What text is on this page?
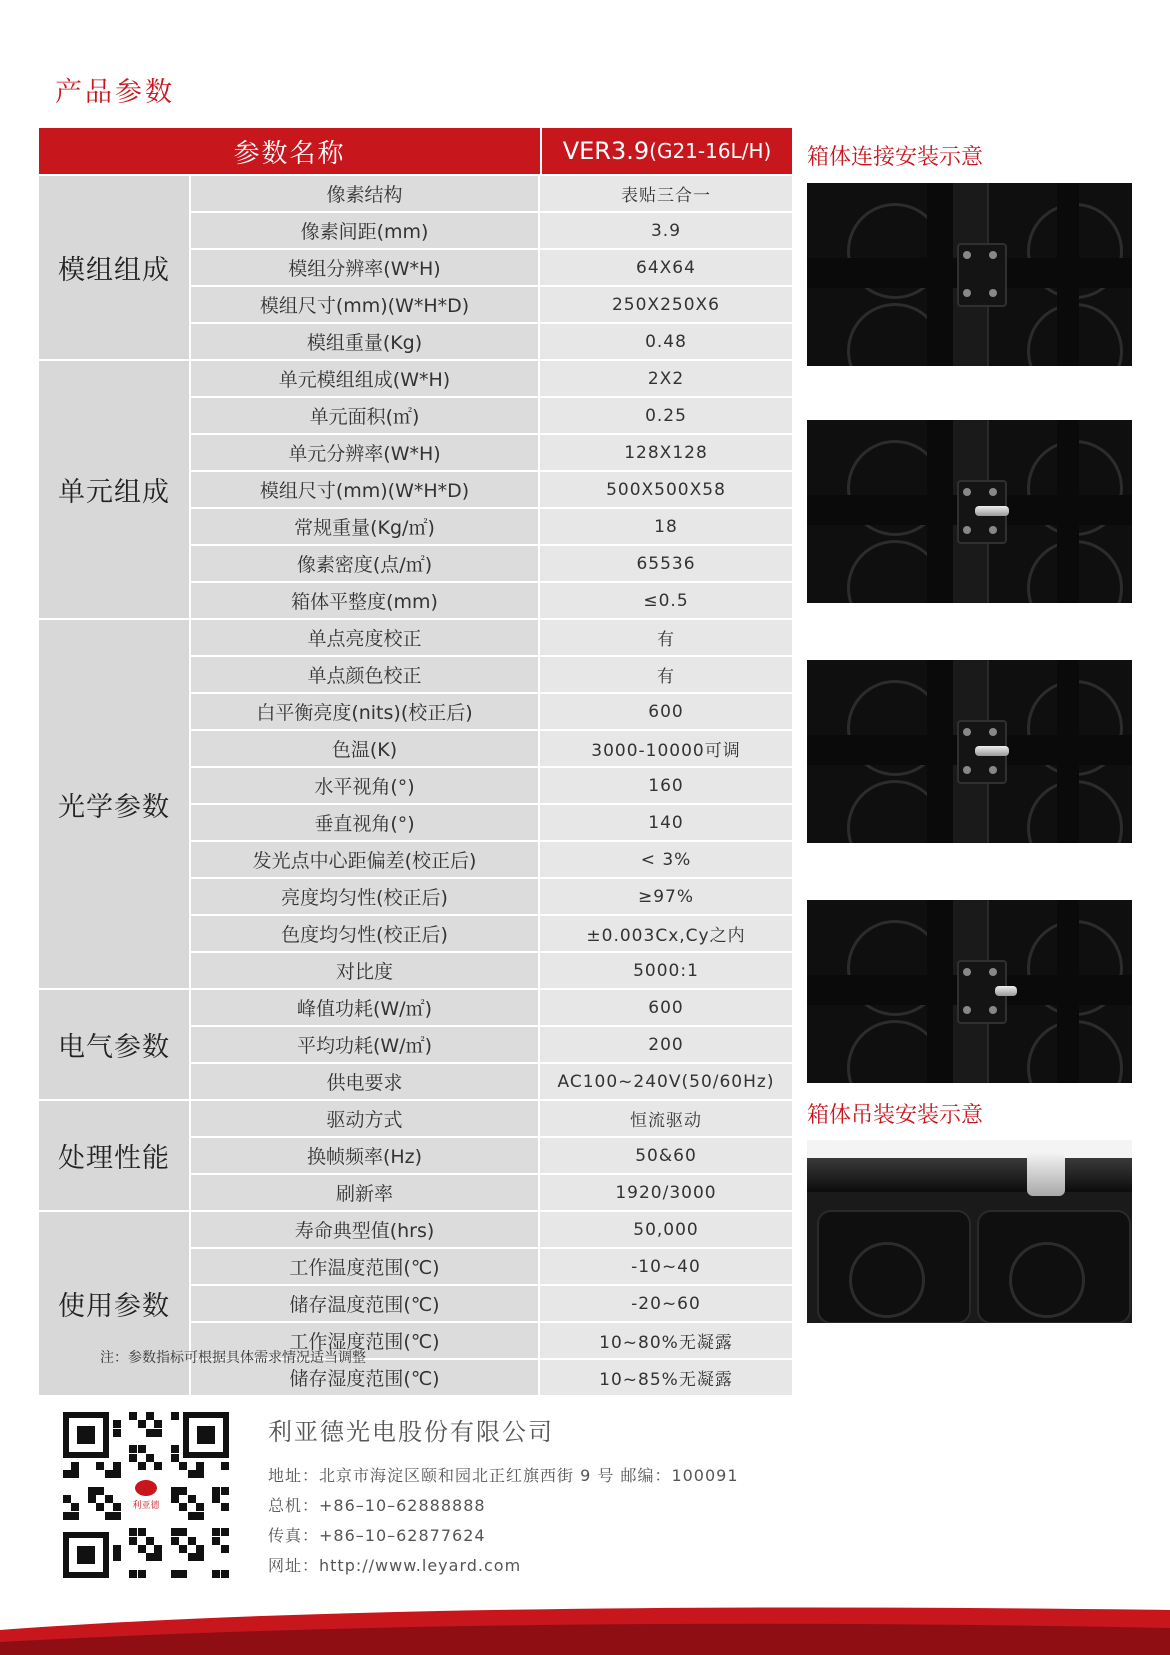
产品参数
参数名称	VER3.9 (G21-16L/H)
模组组成
像素结构	表贴三合一
像素间距(mm)	3.9
模组分辨率(W*H)	64X64
模组尺寸(mm)(W*H*D)	250X250X6
模组重量(Kg)	0.48
单元组成
单元模组组成(W*H)	2X2
单元面积(㎡)	0.25
单元分辨率(W*H)	128X128
模组尺寸(mm)(W*H*D)	500X500X58
常规重量(Kg/㎡)	18
像素密度(点/㎡)	65536
箱体平整度(mm)	≤0.5
光学参数
单点亮度校正	有
单点颜色校正	有
白平衡亮度(nits)(校正后)	600
色温(K)	3000-10000可调
水平视角(°)	160
垂直视角(°)	140
发光点中心距偏差(校正后)	< 3%
亮度均匀性(校正后)	≥97%
色度均匀性(校正后)	±0.003Cx,Cy之内
对比度	5000:1
电气参数
峰值功耗(W/㎡)	600
平均功耗(W/㎡)	200
供电要求	AC100~240V(50/60Hz)
处理性能
驱动方式	恒流驱动
换帧频率(Hz)	50&60
刷新率	1920/3000
使用参数
寿命典型值(hrs)	50,000
工作温度范围(℃)	-10~40
储存温度范围(℃)	-20~60
工作湿度范围(℃)	10~80%无凝露
储存湿度范围(℃)	10~85%无凝露
箱体连接安装示意
箱体吊装安装示意
注：参数指标可根据具体需求情况适当调整
利亚德
利亚德光电股份有限公司
地址：北京市海淀区颐和园北正红旗西街 9 号 邮编：100091
总机：+86–10–62888888
传真：+86–10–62877624
网址：http://www.leyard.com
